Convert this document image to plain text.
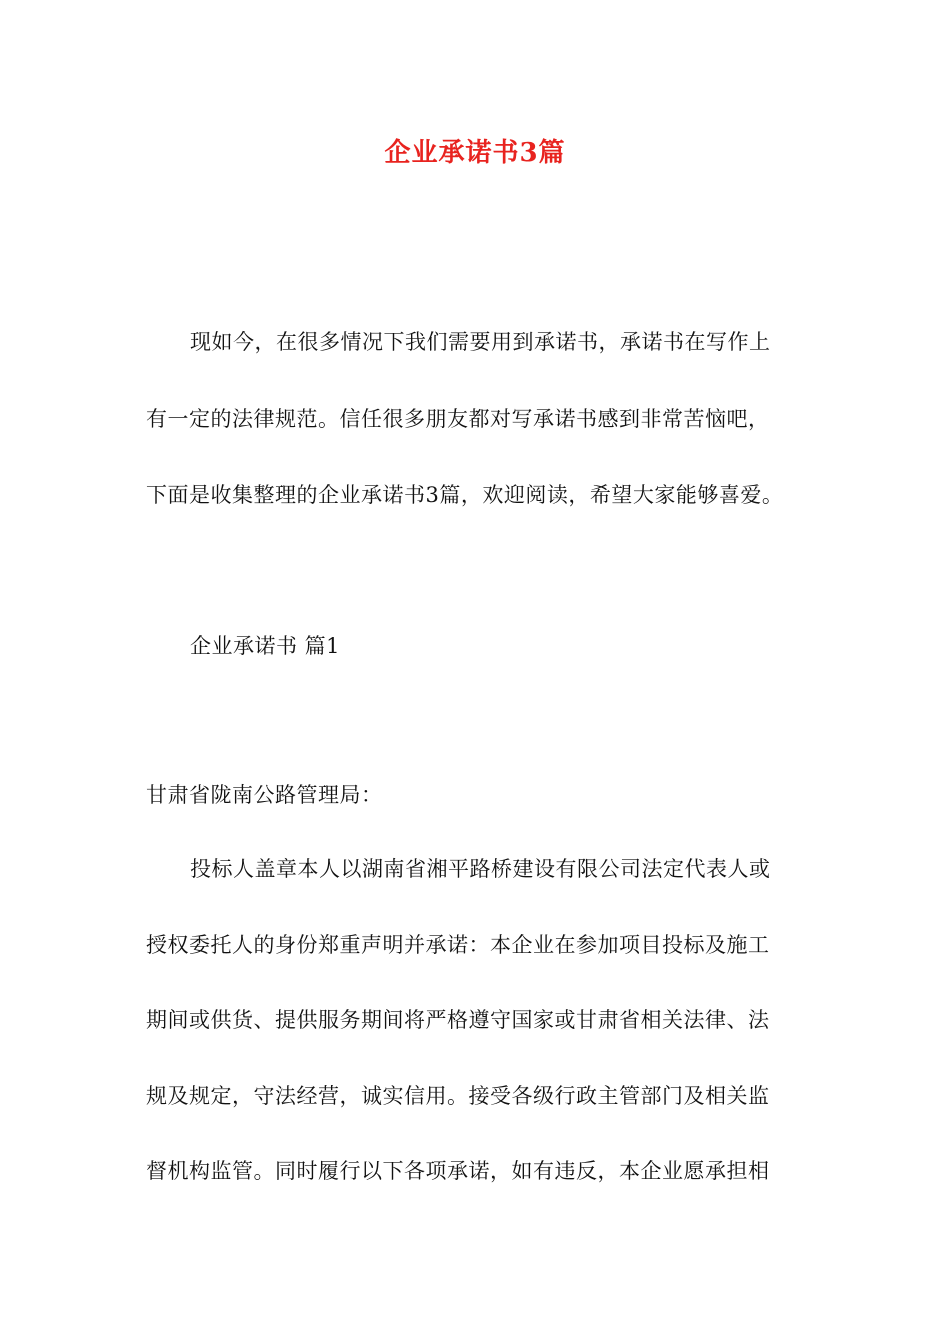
企业承诺书3篇
现如今，在很多情况下我们需要用到承诺书，承诺书在写作上
有一定的法律规范。信任很多朋友都对写承诺书感到非常苦恼吧，
下面是收集整理的企业承诺书3篇，欢迎阅读，希望大家能够喜爱。
企业承诺书 篇1
甘肃省陇南公路管理局：
投标人盖章本人以湖南省湘平路桥建设有限公司法定代表人或
授权委托人的身份郑重声明并承诺：本企业在参加项目投标及施工
期间或供货、提供服务期间将严格遵守国家或甘肃省相关法律、法
规及规定，守法经营，诚实信用。接受各级行政主管部门及相关监
督机构监管。同时履行以下各项承诺，如有违反，本企业愿承担相
